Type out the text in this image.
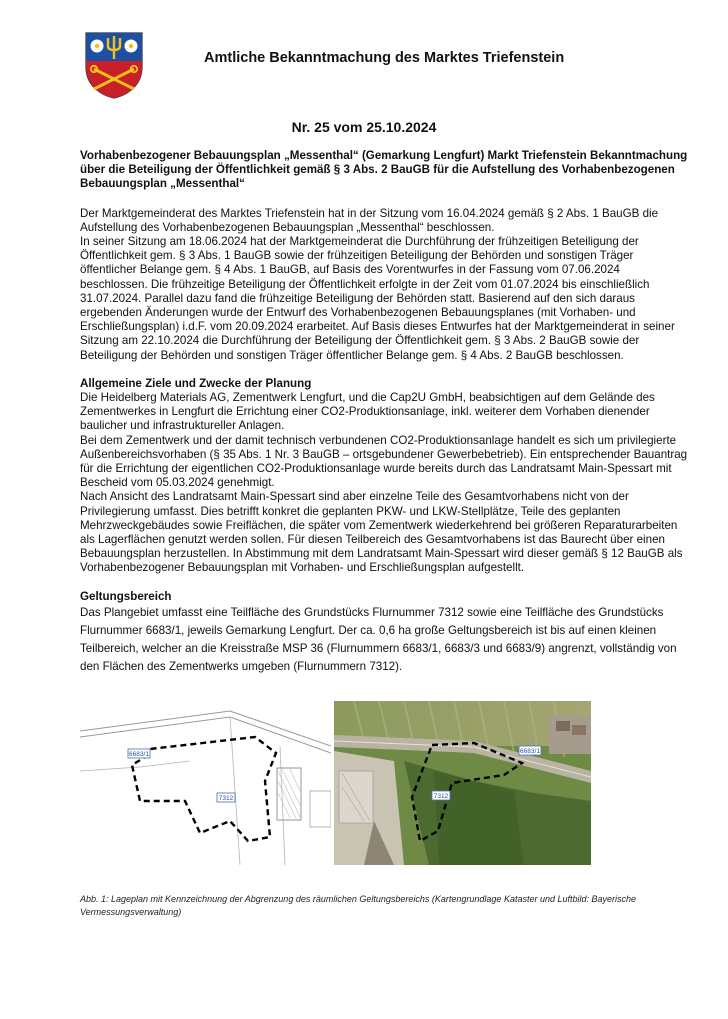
Amtliche Bekanntmachung des Marktes Triefenstein
Nr. 25 vom 25.10.2024

Vorhabenbezogener Bebauungsplan „Messenthal“ (Gemarkung Lengfurt) Markt Triefenstein Bekanntmachung über die Beteiligung der Öffentlichkeit gemäß § 3 Abs. 2 BauGB für die Aufstellung des Vorhabenbezogenen Bebauungsplan „Messenthal“

Der Marktgemeinderat des Marktes Triefenstein hat in der Sitzung vom 16.04.2024 gemäß § 2 Abs. 1 BauGB die Aufstellung des Vorhabenbezogenen Bebauungsplan „Messenthal“ beschlossen.

In seiner Sitzung am 18.06.2024 hat der Marktgemeinderat die Durchführung der frühzeitigen Beteiligung der Öffentlichkeit gem. § 3 Abs. 1 BauGB sowie der frühzeitigen Beteiligung der Behörden und sonstigen Träger öffentlicher Belange gem. § 4 Abs. 1 BauGB, auf Basis des Vorentwurfes in der Fassung vom 07.06.2024 beschlossen. Die frühzeitige Beteiligung der Öffentlichkeit erfolgte in der Zeit vom 01.07.2024 bis einschließlich 31.07.2024. Parallel dazu fand die frühzeitige Beteiligung der Behörden statt. Basierend auf den sich daraus ergebenden Änderungen wurde der Entwurf des Vorhabenbezogenen Bebauungsplanes (mit Vorhaben- und Erschließungsplan) i.d.F. vom 20.09.2024 erarbeitet. Auf Basis dieses Entwurfes hat der Marktgemeinderat in seiner Sitzung am 22.10.2024 die Durchführung der Beteiligung der Öffentlichkeit gem. § 3 Abs. 2 BauGB sowie der Beteiligung der Behörden und sonstigen Träger öffentlicher Belange gem. § 4 Abs. 2 BauGB beschlossen.

Allgemeine Ziele und Zwecke der Planung

Die Heidelberg Materials AG, Zementwerk Lengfurt, und die Cap2U GmbH, beabsichtigen auf dem Gelände des Zementwerkes in Lengfurt die Errichtung einer CO2-Produktionsanlage, inkl. weiterer dem Vorhaben dienender baulicher und infrastruktureller Anlagen.

Bei dem Zementwerk und der damit technisch verbundenen CO2-Produktionsanlage handelt es sich um privilegierte Außenbereichsvorhaben (§ 35 Abs. 1 Nr. 3 BauGB – ortsgebundener Gewerbebetrieb). Ein entsprechender Bauantrag für die Errichtung der eigentlichen CO2-Produktionsanlage wurde bereits durch das Landratsamt Main-Spessart mit Bescheid vom 05.03.2024 genehmigt.

Nach Ansicht des Landratsamt Main-Spessart sind aber einzelne Teile des Gesamtvorhabens nicht von der Privilegierung umfasst. Dies betrifft konkret die geplanten PKW- und LKW-Stellplätze, Teile des geplanten Mehrzweckgebäudes sowie Freiflächen, die später vom Zementwerk wiederkehrend bei größeren Reparaturarbeiten als Lagerflächen genutzt werden sollen. Für diesen Teilbereich des Gesamtvorhabens ist das Baurecht über einen Bebauungsplan herzustellen. In Abstimmung mit dem Landratsamt Main-Spessart wird dieser gemäß § 12 BauGB als Vorhabenbezogener Bebauungsplan mit Vorhaben- und Erschließungsplan aufgestellt.

Geltungsbereich

Das Plangebiet umfasst eine Teilfläche des Grundstücks Flurnummer 7312 sowie eine Teilfläche des Grundstücks Flurnummer 6683/1, jeweils Gemarkung Lengfurt. Der ca. 0,6 ha große Geltungsbereich ist bis auf einen kleinen Teilbereich, welcher an die Kreisstraße MSP 36 (Flurnummern 6683/1, 6683/3 und 6683/9) angrenzt, vollständig von den Flächen des Zementwerks umgeben (Flurnummern 7312).

6683/1
7312
6683/1
7312
Abb. 1: Lageplan mit Kennzeichnung der Abgrenzung des räumlichen Geltungsbereichs (Kartengrundlage Kataster und Luftbild: Bayerische Vermessungsverwaltung)
